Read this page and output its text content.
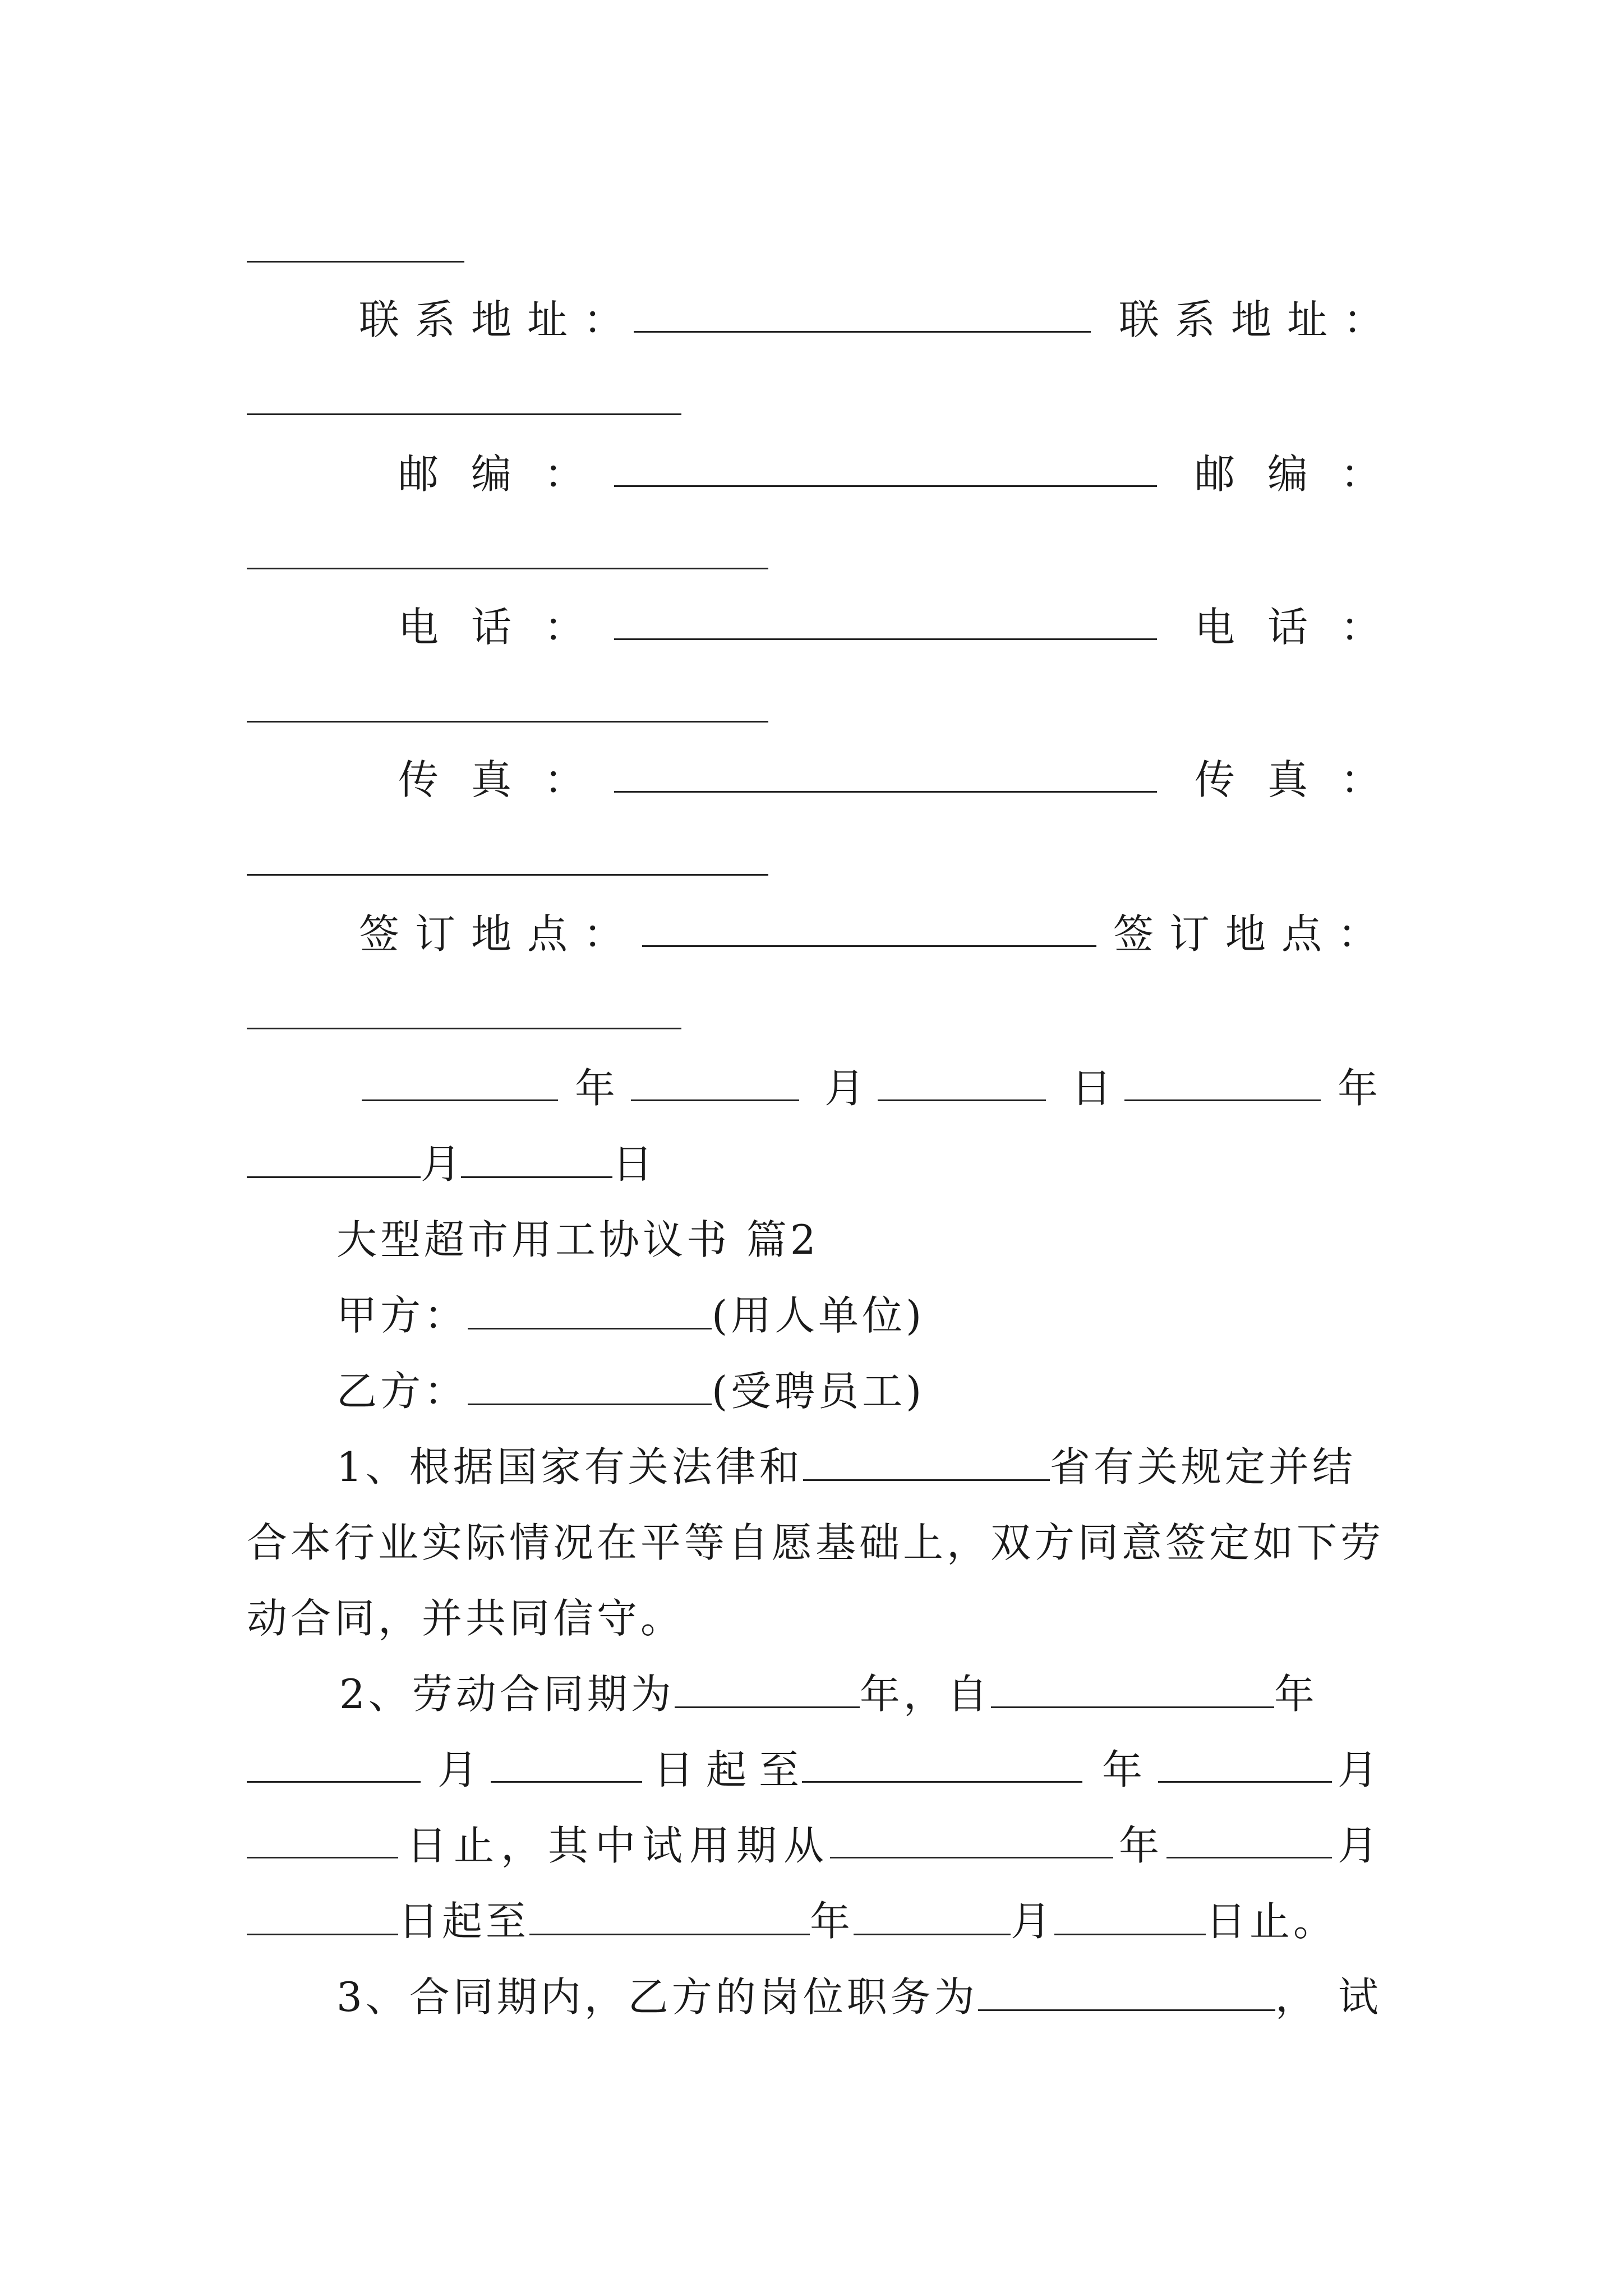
联系地址：	联系地址：
邮编：	邮编：
电话：	电话：
传真：	传真：
签订地点：	签订地点：
年	月	日	年
月	日
大型超市用工协议书 篇2
甲方：	(用人单位)
乙方：	(受聘员工)
1、根据国家有关法律和	省有关规定并结
合本行业实际情况在平等自愿基础上，双方同意签定如下劳
动合同，并共同信守。
2、劳动合同期为	年，自	年
月	日起至	年	月
日止，其中试用期从	年	月
日起至	年	月	日止。
3、合同期内，乙方的岗位职务为	，试
